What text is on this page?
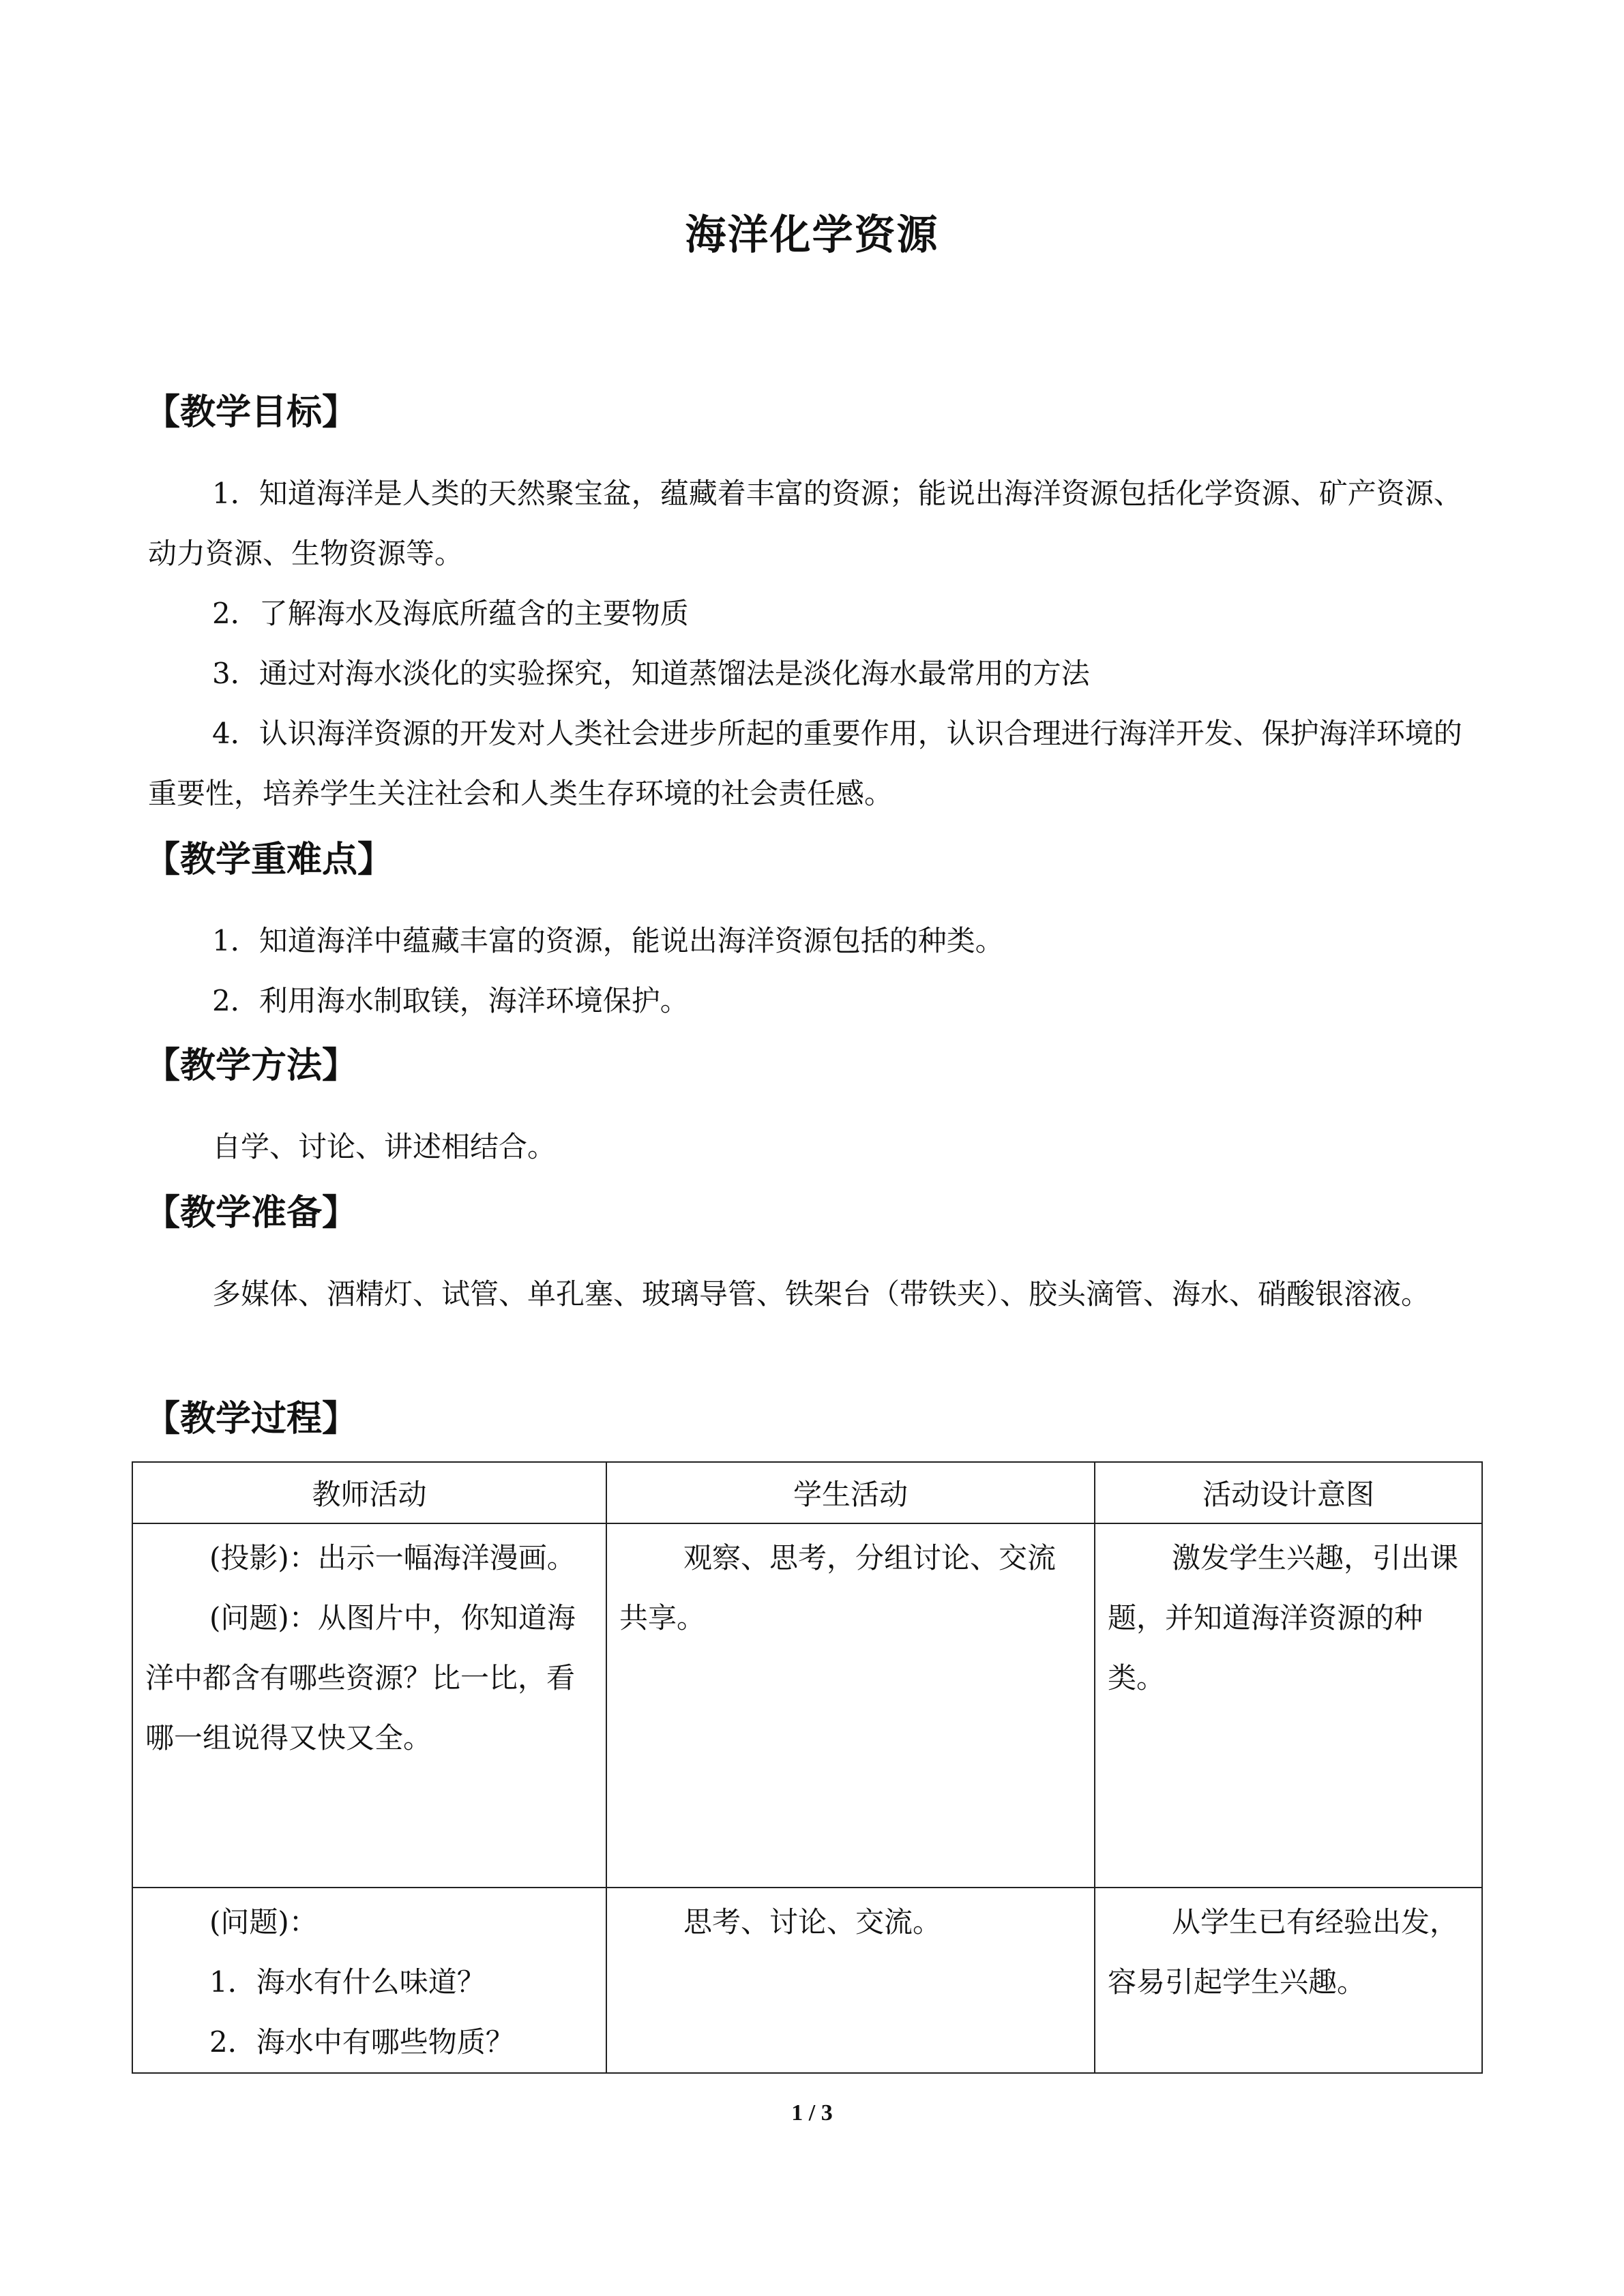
海洋化学资源
【教学目标】
1．知道海洋是人类的天然聚宝盆，蕴藏着丰富的资源；能说出海洋资源包括化学资源、矿产资源、动力资源、生物资源等。
2．了解海水及海底所蕴含的主要物质
3．通过对海水淡化的实验探究，知道蒸馏法是淡化海水最常用的方法
4．认识海洋资源的开发对人类社会进步所起的重要作用，认识合理进行海洋开发、保护海洋环境的重要性，培养学生关注社会和人类生存环境的社会责任感。
【教学重难点】
1．知道海洋中蕴藏丰富的资源，能说出海洋资源包括的种类。
2．利用海水制取镁，海洋环境保护。
【教学方法】
自学、讨论、讲述相结合。
【教学准备】
多媒体、酒精灯、试管、单孔塞、玻璃导管、铁架台（带铁夹）、胶头滴管、海水、硝酸银溶液。
【教学过程】
教师活动	学生活动	活动设计意图

(投影)：出示一幅海洋漫画。

(问题)：从图片中，你知道海洋中都含有哪些资源？比一比，看哪一组说得又快又全。	观察、思考，分组讨论、交流共享。	激发学生兴趣，引出课题，并知道海洋资源的种类。

(问题)：

1．海水有什么味道？

2．海水中有哪些物质？	思考、讨论、交流。	从学生已有经验出发，容易引起学生兴趣。

1 / 3
